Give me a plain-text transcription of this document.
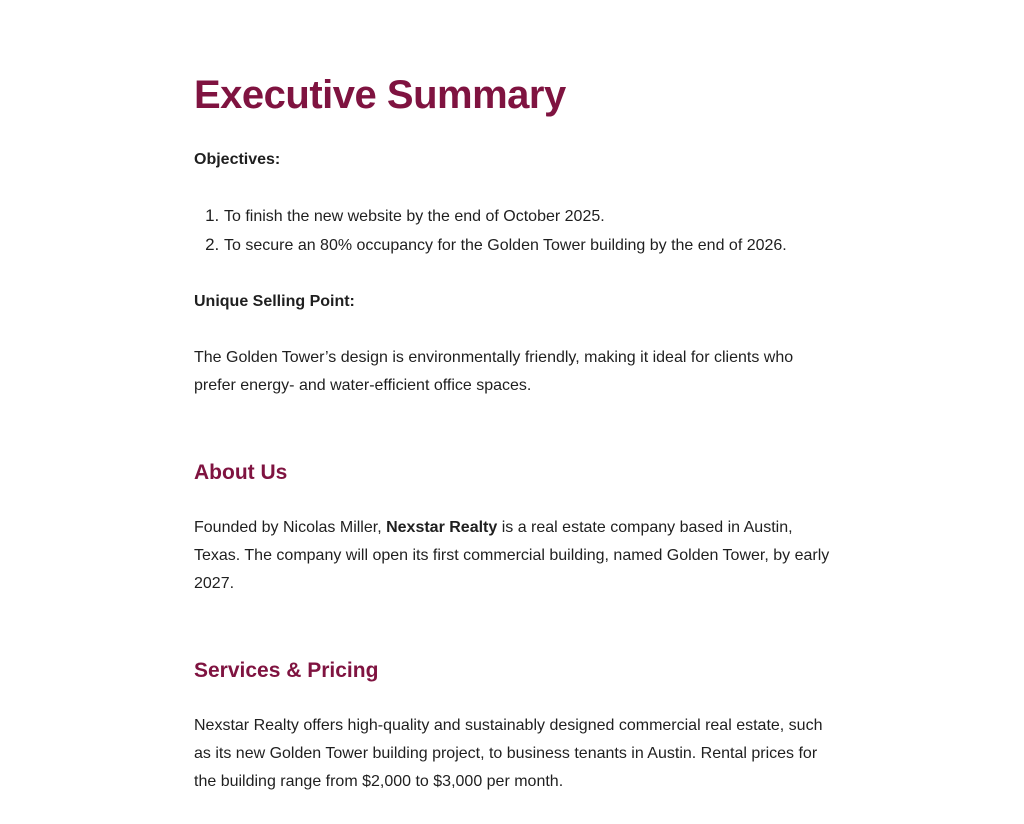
Executive Summary

Objectives:

1. To finish the new website by the end of October 2025.
2. To secure an 80% occupancy for the Golden Tower building by the end of 2026.

Unique Selling Point:

The Golden Tower’s design is environmentally friendly, making it ideal for clients who prefer energy- and water-efficient office spaces.

About Us

Founded by Nicolas Miller, Nexstar Realty is a real estate company based in Austin, Texas. The company will open its first commercial building, named Golden Tower, by early 2027.

Services & Pricing

Nexstar Realty offers high-quality and sustainably designed commercial real estate, such as its new Golden Tower building project, to business tenants in Austin. Rental prices for the building range from $2,000 to $3,000 per month.
